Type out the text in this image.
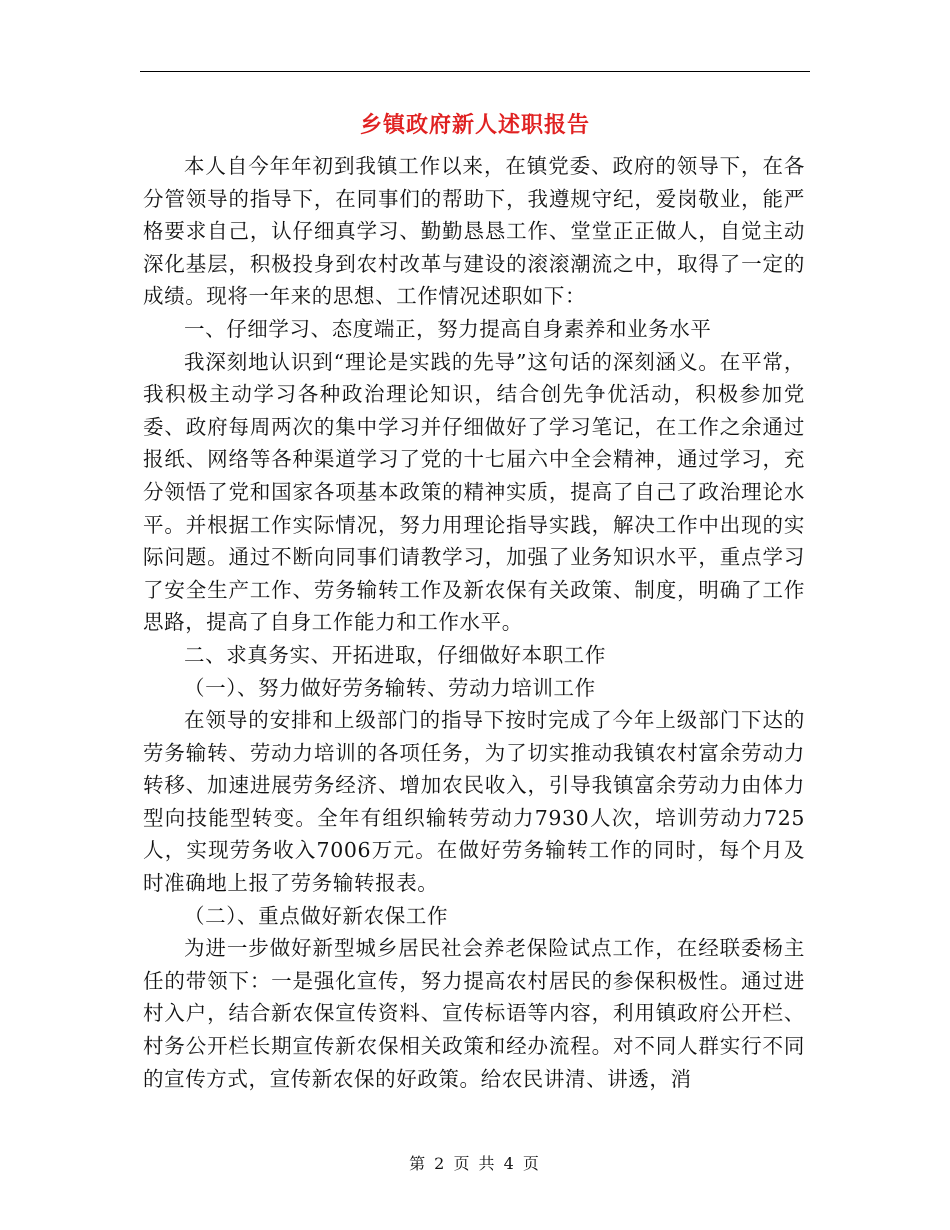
乡镇政府新人述职报告

本人自今年年初到我镇工作以来，在镇党委、政府的领导下，在各分管领导的指导下，在同事们的帮助下，我遵规守纪，爱岗敬业，能严格要求自己，认仔细真学习、勤勤恳恳工作、堂堂正正做人，自觉主动深化基层，积极投身到农村改革与建设的滚滚潮流之中，取得了一定的成绩。现将一年来的思想、工作情况述职如下：

一、仔细学习、态度端正，努力提高自身素养和业务水平

我深刻地认识到“理论是实践的先导”这句话的深刻涵义。在平常，我积极主动学习各种政治理论知识，结合创先争优活动，积极参加党委、政府每周两次的集中学习并仔细做好了学习笔记，在工作之余通过报纸、网络等各种渠道学习了党的十七届六中全会精神，通过学习，充分领悟了党和国家各项基本政策的精神实质，提高了自己了政治理论水平。并根据工作实际情况，努力用理论指导实践，解决工作中出现的实际问题。通过不断向同事们请教学习，加强了业务知识水平，重点学习了安全生产工作、劳务输转工作及新农保有关政策、制度，明确了工作思路，提高了自身工作能力和工作水平。

二、求真务实、开拓进取，仔细做好本职工作

（一）、努力做好劳务输转、劳动力培训工作

在领导的安排和上级部门的指导下按时完成了今年上级部门下达的劳务输转、劳动力培训的各项任务，为了切实推动我镇农村富余劳动力转移、加速进展劳务经济、增加农民收入，引导我镇富余劳动力由体力型向技能型转变。全年有组织输转劳动力7930人次，培训劳动力725人，实现劳务收入7006万元。在做好劳务输转工作的同时，每个月及时准确地上报了劳务输转报表。

（二）、重点做好新农保工作

为进一步做好新型城乡居民社会养老保险试点工作，在经联委杨主任的带领下：一是强化宣传，努力提高农村居民的参保积极性。通过进村入户，结合新农保宣传资料、宣传标语等内容，利用镇政府公开栏、村务公开栏长期宣传新农保相关政策和经办流程。对不同人群实行不同的宣传方式，宣传新农保的好政策。给农民讲清、讲透，消

第 2 页 共 4 页
